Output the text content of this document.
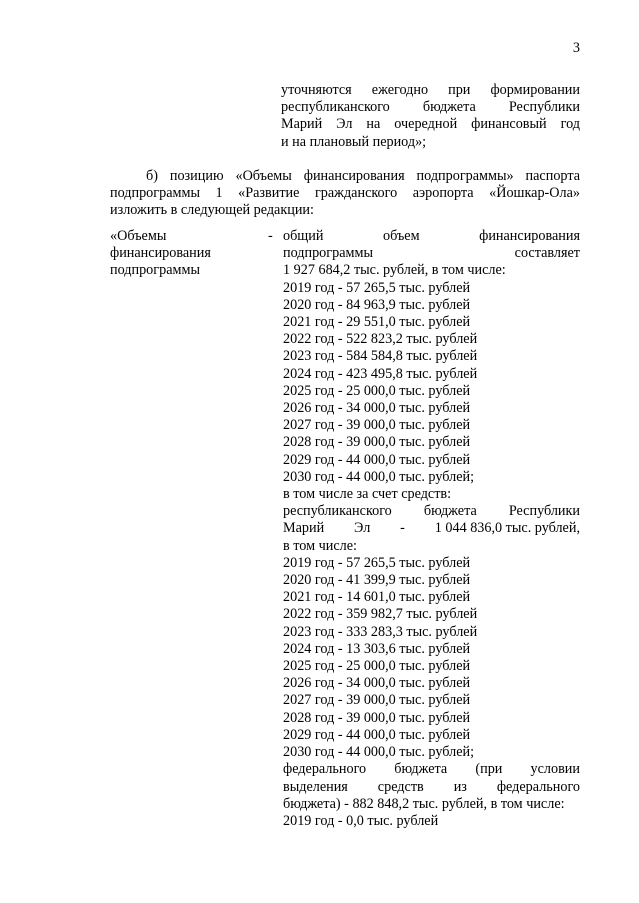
3
уточняются ежегодно при формировании
республиканского бюджета Республики
Марий Эл на очередной финансовый год
и на плановый период»;
б) позицию «Объемы финансирования подпрограммы» паспорта
подпрограммы 1 «Развитие гражданского аэропорта «Йошкар-Ола»
изложить в следующей редакции:
«Объемы
финансирования
подпрограммы
- общий объем финансирования
подпрограммы составляет
1 927 684,2 тыс. рублей, в том числе:
2019 год - 57 265,5 тыс. рублей
2020 год - 84 963,9 тыс. рублей
2021 год - 29 551,0 тыс. рублей
2022 год - 522 823,2 тыс. рублей
2023 год - 584 584,8 тыс. рублей
2024 год - 423 495,8 тыс. рублей
2025 год - 25 000,0 тыс. рублей
2026 год - 34 000,0 тыс. рублей
2027 год - 39 000,0 тыс. рублей
2028 год - 39 000,0 тыс. рублей
2029 год - 44 000,0 тыс. рублей
2030 год - 44 000,0 тыс. рублей;
в том числе за счет средств:
республиканского бюджета Республики
Марий Эл - 1 044 836,0 тыс. рублей,
в том числе:
2019 год - 57 265,5 тыс. рублей
2020 год - 41 399,9 тыс. рублей
2021 год - 14 601,0 тыс. рублей
2022 год - 359 982,7 тыс. рублей
2023 год - 333 283,3 тыс. рублей
2024 год - 13 303,6 тыс. рублей
2025 год - 25 000,0 тыс. рублей
2026 год - 34 000,0 тыс. рублей
2027 год - 39 000,0 тыс. рублей
2028 год - 39 000,0 тыс. рублей
2029 год - 44 000,0 тыс. рублей
2030 год - 44 000,0 тыс. рублей;
федерального бюджета (при условии
выделения средств из федерального
бюджета) - 882 848,2 тыс. рублей, в том числе:
2019 год - 0,0 тыс. рублей
